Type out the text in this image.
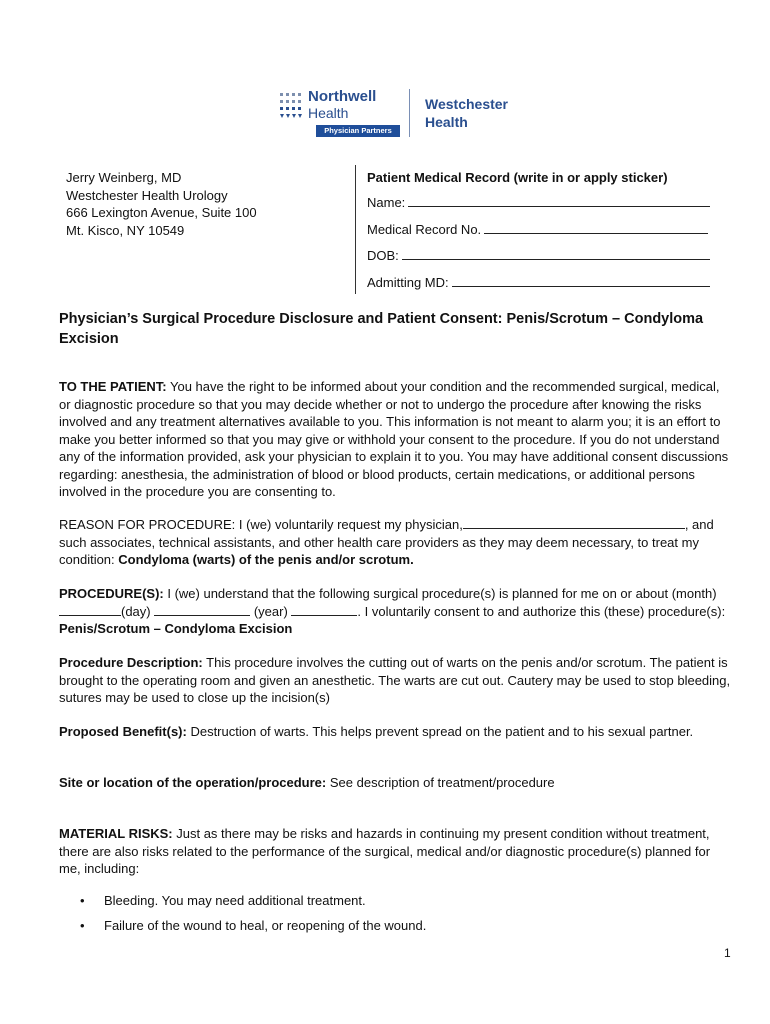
Northwell
Health
Physician Partners
Westchester
Health
Jerry Weinberg, MD
Westchester Health Urology
666 Lexington Avenue, Suite 100
Mt. Kisco, NY 10549
Patient Medical Record (write in or apply sticker)
Name:
Medical Record No.
DOB:
Admitting MD:
Physician’s Surgical Procedure Disclosure and Patient Consent: Penis/Scrotum – Condyloma Excision
TO THE PATIENT: You have the right to be informed about your condition and the recommended surgical, medical, or diagnostic procedure so that you may decide whether or not to undergo the procedure after knowing the risks involved and any treatment alternatives available to you. This information is not meant to alarm you; it is an effort to make you better informed so that you may give or withhold your consent to the procedure. If you do not understand any of the information provided, ask your physician to explain it to you. You may have additional consent discussions regarding: anesthesia, the administration of blood or blood products, certain medications, or additional persons involved in the procedure you are consenting to.
REASON FOR PROCEDURE: I (we) voluntarily request my physician,	, and such associates, technical assistants, and other health care providers as they may deem necessary, to treat my condition: Condyloma (warts) of the penis and/or scrotum.
PROCEDURE(S): I (we) understand that the following surgical procedure(s) is planned for me on or about (month)(day)	(year)	. I voluntarily consent to and authorize this (these) procedure(s): Penis/Scrotum – Condyloma Excision
Procedure Description: This procedure involves the cutting out of warts on the penis and/or scrotum. The patient is brought to the operating room and given an anesthetic. The warts are cut out. Cautery may be used to stop bleeding, sutures may be used to close up the incision(s)
Proposed Benefit(s): Destruction of warts. This helps prevent spread on the patient and to his sexual partner.
Site or location of the operation/procedure: See description of treatment/procedure
MATERIAL RISKS: Just as there may be risks and hazards in continuing my present condition without treatment, there are also risks related to the performance of the surgical, medical and/or diagnostic procedure(s) planned for me, including:
• Bleeding. You may need additional treatment.
• Failure of the wound to heal, or reopening of the wound.
1
